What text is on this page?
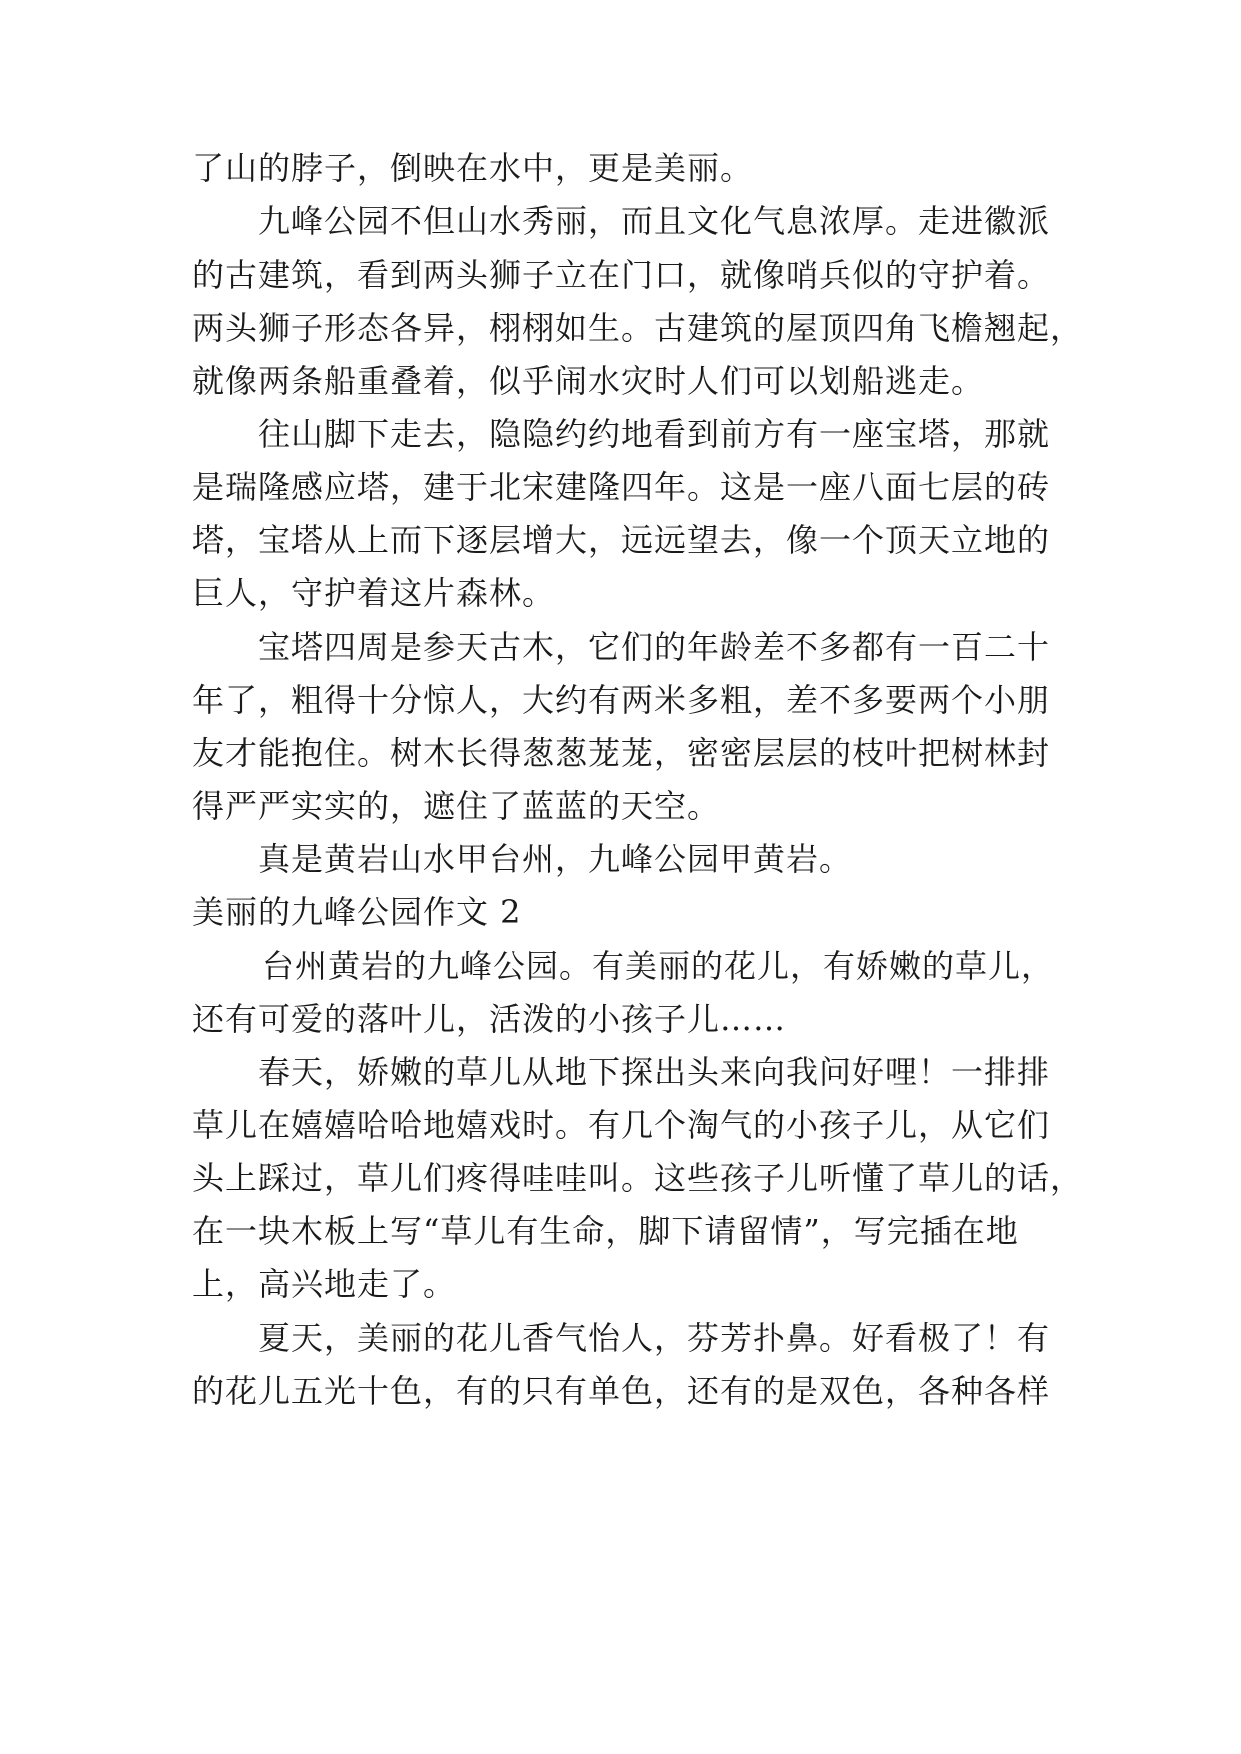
了山的脖子，倒映在水中，更是美丽。
九峰公园不但山水秀丽，而且文化气息浓厚。走进徽派
的古建筑，看到两头狮子立在门口，就像哨兵似的守护着。
两头狮子形态各异，栩栩如生。古建筑的屋顶四角飞檐翘起，
就像两条船重叠着，似乎闹水灾时人们可以划船逃走。
往山脚下走去，隐隐约约地看到前方有一座宝塔，那就
是瑞隆感应塔，建于北宋建隆四年。这是一座八面七层的砖
塔，宝塔从上而下逐层增大，远远望去，像一个顶天立地的
巨人，守护着这片森林。
宝塔四周是参天古木，它们的年龄差不多都有一百二十
年了，粗得十分惊人，大约有两米多粗，差不多要两个小朋
友才能抱住。树木长得葱葱茏茏，密密层层的枝叶把树林封
得严严实实的，遮住了蓝蓝的天空。
真是黄岩山水甲台州，九峰公园甲黄岩。
美丽的九峰公园作文 2
台州黄岩的九峰公园。有美丽的花儿，有娇嫩的草儿，
还有可爱的落叶儿，活泼的小孩子儿……
春天，娇嫩的草儿从地下探出头来向我问好哩！一排排
草儿在嬉嬉哈哈地嬉戏时。有几个淘气的小孩子儿，从它们
头上踩过，草儿们疼得哇哇叫。这些孩子儿听懂了草儿的话，
在一块木板上写“草儿有生命，脚下请留情”，写完插在地
上，高兴地走了。
夏天，美丽的花儿香气怡人，芬芳扑鼻。好看极了！有
的花儿五光十色，有的只有单色，还有的是双色，各种各样
